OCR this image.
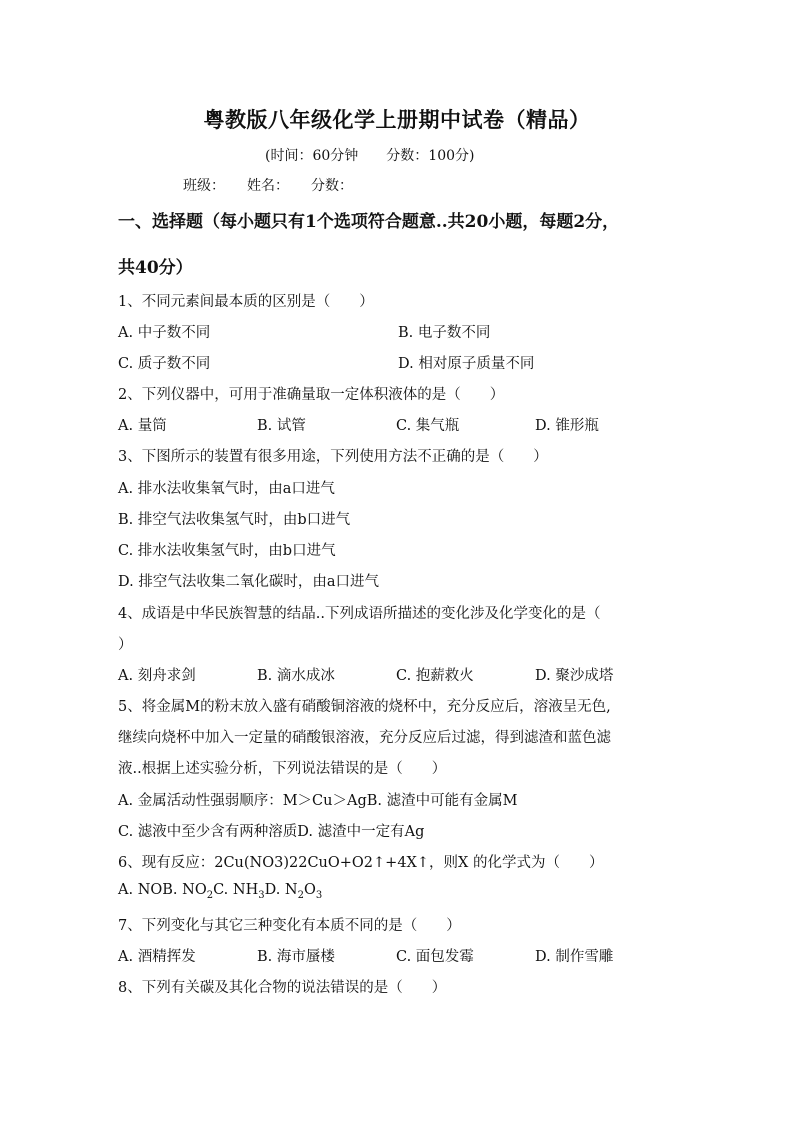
粤教版八年级化学上册期中试卷（精品）
(时间：60分钟 分数：100分)
班级： 姓名： 分数：
一、选择题（每小题只有1个选项符合题意..共20小题，每题2分，
共40分）
1、不同元素间最本质的区别是（　　）
A. 中子数不同	B. 电子数不同
C. 质子数不同	D. 相对原子质量不同
2、下列仪器中，可用于准确量取一定体积液体的是（　　）
A. 量筒	B. 试管	C. 集气瓶	D. 锥形瓶
3、下图所示的装置有很多用途，下列使用方法不正确的是（　　）
A. 排水法收集氧气时，由a口进气
B. 排空气法收集氢气时，由b口进气
C. 排水法收集氢气时，由b口进气
D. 排空气法收集二氧化碳时，由a口进气
4、成语是中华民族智慧的结晶..下列成语所描述的变化涉及化学变化的是（
）
A. 刻舟求剑	B. 滴水成冰	C. 抱薪救火	D. 聚沙成塔
5、将金属M的粉末放入盛有硝酸铜溶液的烧杯中，充分反应后，溶液呈无色,
继续向烧杯中加入一定量的硝酸银溶液，充分反应后过滤，得到滤渣和蓝色滤
液..根据上述实验分析，下列说法错误的是（　　）
A. 金属活动性强弱顺序：M＞Cu＞AgB. 滤渣中可能有金属M
C. 滤液中至少含有两种溶质D. 滤渣中一定有Ag
6、现有反应：2Cu(NO3)22CuO+O2↑+4X↑，则X 的化学式为（　　）
A. NOB. $NO_2C$. $NH_3D$. $N_2O_3$
7、下列变化与其它三种变化有本质不同的是（　　）
A. 酒精挥发	B. 海市蜃楼	C. 面包发霉	D. 制作雪雕
8、下列有关碳及其化合物的说法错误的是（　　）
